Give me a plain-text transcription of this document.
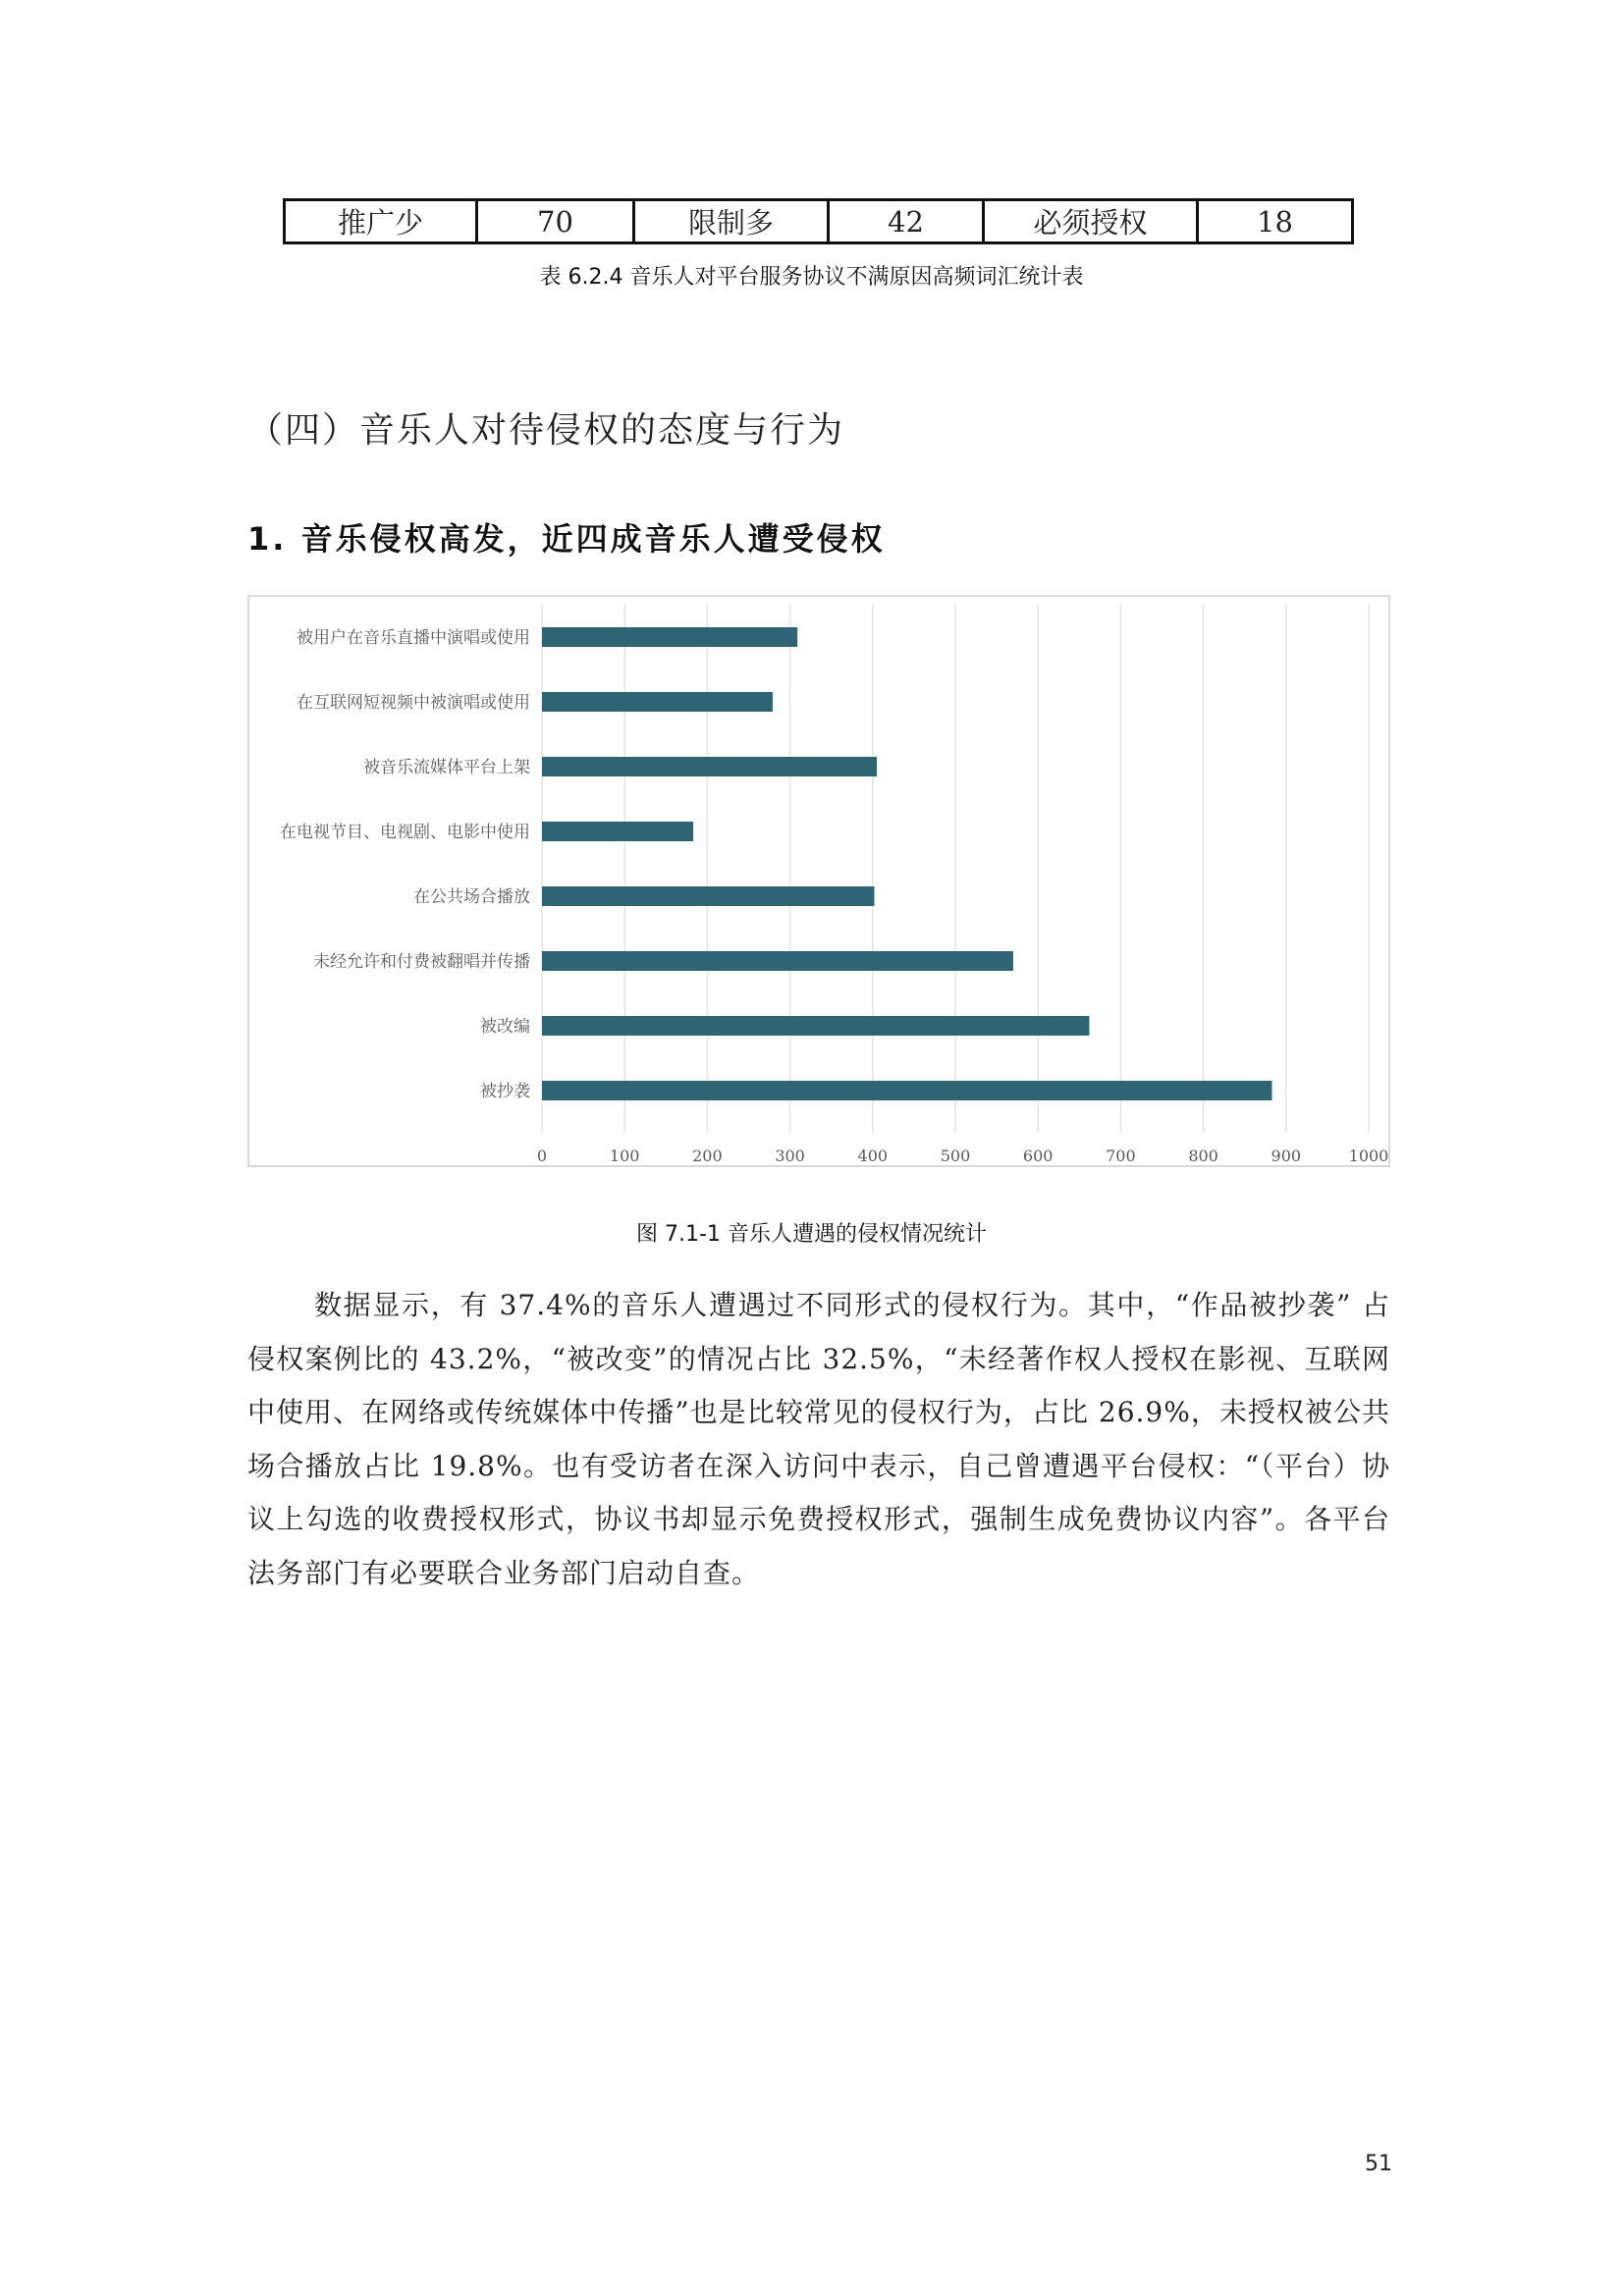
推广少	70	限制多	42	必须授权	18
表 6.2.4 音乐人对平台服务协议不满原因高频词汇统计表
（四）音乐人对待侵权的态度与行为
1. 音乐侵权高发，近四成音乐人遭受侵权
0	100	200	300	400	500	600	700	800	900	1000
被用户在音乐直播中演唱或使用
在互联网短视频中被演唱或使用
被音乐流媒体平台上架
在电视节目、电视剧、电影中使用
在公共场合播放
未经允许和付费被翻唱并传播
被改编
被抄袭
图 7.1-1 音乐人遭遇的侵权情况统计
数据显示，有 37.4%的音乐人遭遇过不同形式的侵权行为。其中，“作品被抄袭” 占侵权案例比的 43.2%，“被改变”的情况占比 32.5%，“未经著作权人授权在影视、互联网中使用、在网络或传统媒体中传播”也是比较常见的侵权行为，占比 26.9%，未授权被公共场合播放占比 19.8%。也有受访者在深入访问中表示，自己曾遭遇平台侵权：“（平台）协议上勾选的收费授权形式，协议书却显示免费授权形式，强制生成免费协议内容”。各平台法务部门有必要联合业务部门启动自查。
51
